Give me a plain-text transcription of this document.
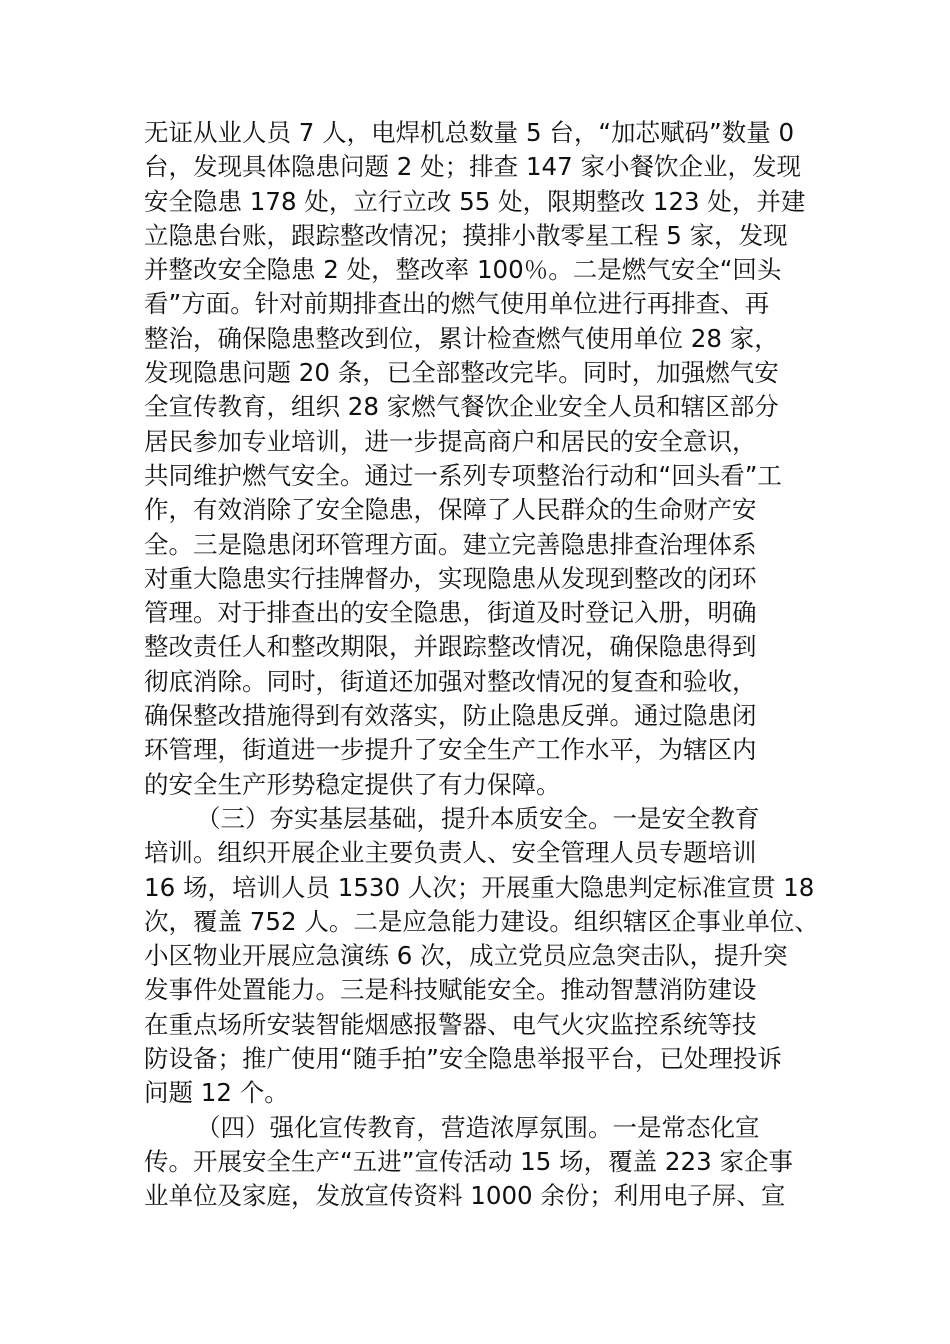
无证从业人员 7 人，电焊机总数量 5 台，“加芯赋码”数量 0
台，发现具体隐患问题 2 处；排查 147 家小餐饮企业，发现
安全隐患 178 处，立行立改 55 处，限期整改 123 处，并建
立隐患台账，跟踪整改情况；摸排小散零星工程 5 家，发现
并整改安全隐患 2 处，整改率 100％。二是燃气安全“回头
看”方面。针对前期排查出的燃气使用单位进行再排查、再
整治，确保隐患整改到位，累计检查燃气使用单位 28 家，
发现隐患问题 20 条，已全部整改完毕。同时，加强燃气安
全宣传教育，组织 28 家燃气餐饮企业安全人员和辖区部分
居民参加专业培训，进一步提高商户和居民的安全意识，
共同维护燃气安全。通过一系列专项整治行动和“回头看”工
作，有效消除了安全隐患，保障了人民群众的生命财产安
全。三是隐患闭环管理方面。建立完善隐患排查治理体系
对重大隐患实行挂牌督办，实现隐患从发现到整改的闭环
管理。对于排查出的安全隐患，街道及时登记入册，明确
整改责任人和整改期限，并跟踪整改情况，确保隐患得到
彻底消除。同时，街道还加强对整改情况的复查和验收，
确保整改措施得到有效落实，防止隐患反弹。通过隐患闭
环管理，街道进一步提升了安全生产工作水平，为辖区内
的安全生产形势稳定提供了有力保障。
（三）夯实基层基础，提升本质安全。一是安全教育
培训。组织开展企业主要负责人、安全管理人员专题培训
16 场，培训人员 1530 人次；开展重大隐患判定标准宣贯 18
次，覆盖 752 人。二是应急能力建设。组织辖区企事业单位、
小区物业开展应急演练 6 次，成立党员应急突击队，提升突
发事件处置能力。三是科技赋能安全。推动智慧消防建设
在重点场所安装智能烟感报警器、电气火灾监控系统等技
防设备；推广使用“随手拍”安全隐患举报平台，已处理投诉
问题 12 个。
（四）强化宣传教育，营造浓厚氛围。一是常态化宣
传。开展安全生产“五进”宣传活动 15 场，覆盖 223 家企事
业单位及家庭，发放宣传资料 1000 余份；利用电子屏、宣
